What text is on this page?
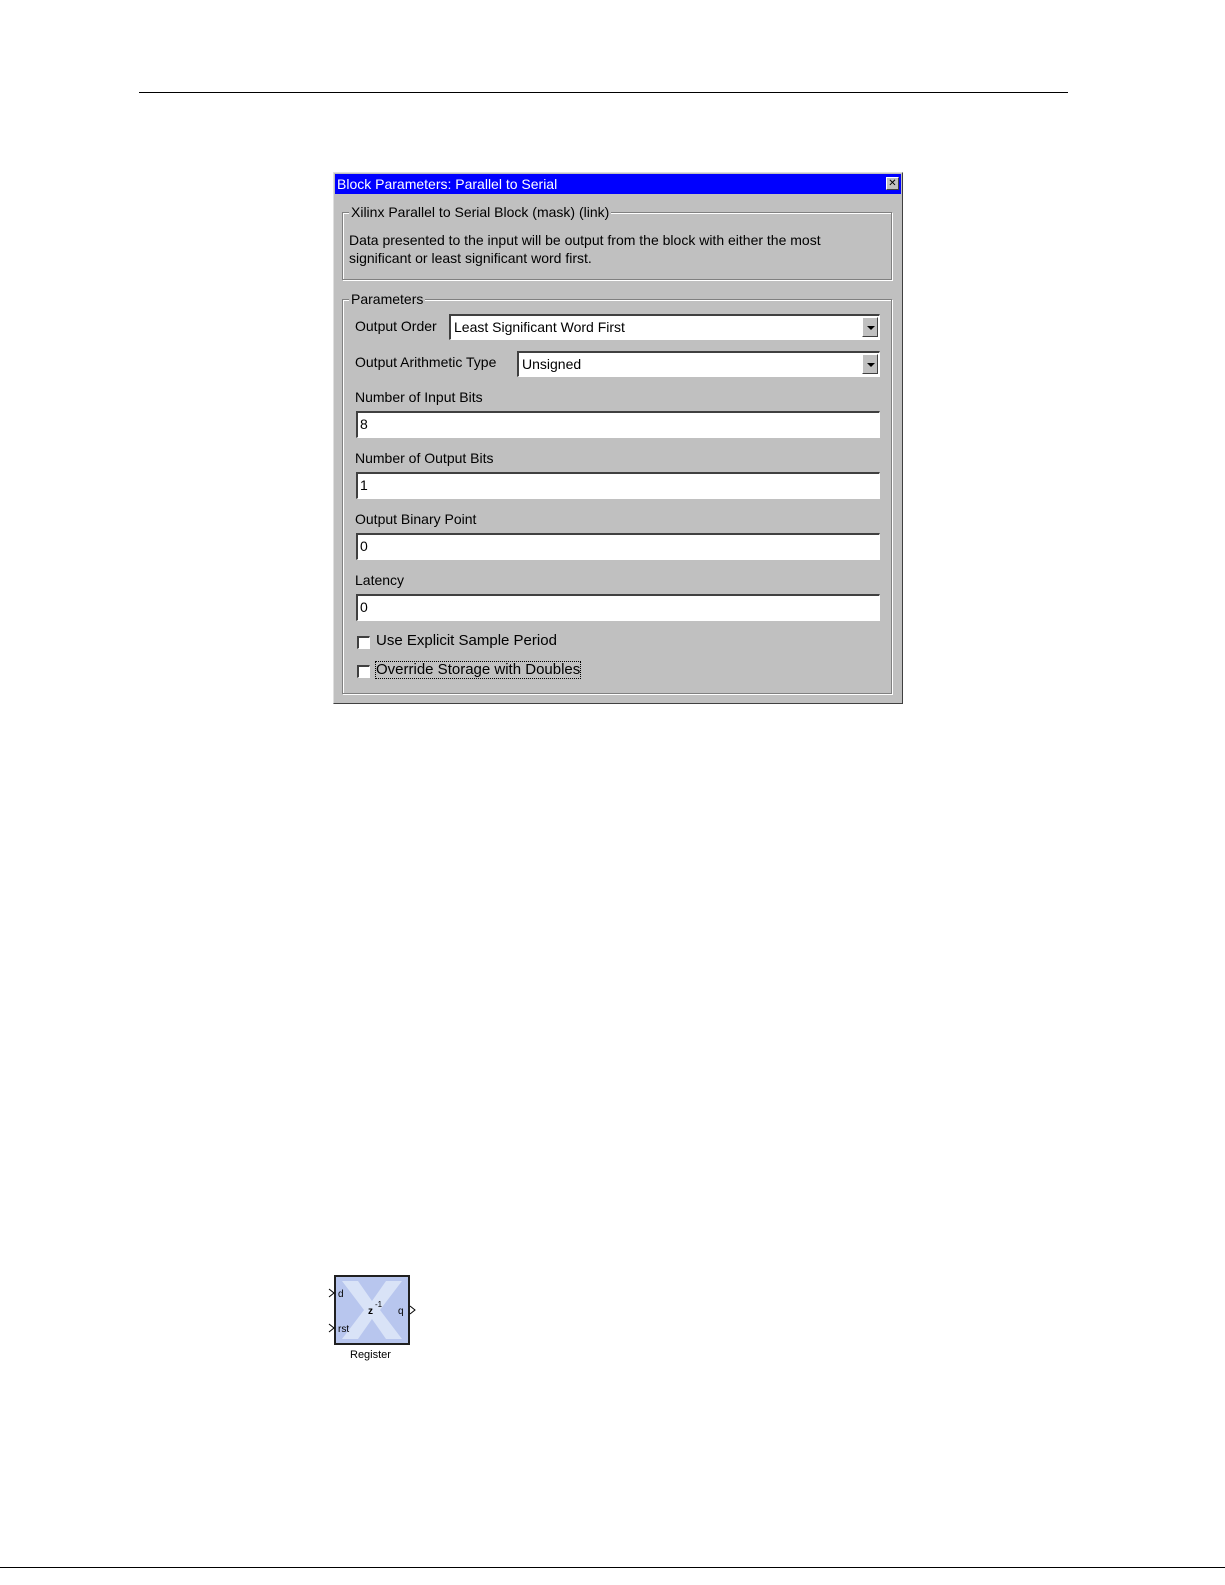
Block Parameters: Parallel to Serial	✕
Xilinx Parallel to Serial Block (mask) (link)
Data presented to the input will be output from the block with either the most significant or least significant word first.
Parameters
Output Order	Least Significant Word First
Output Arithmetic Type	Unsigned
Number of Input Bits
8
Number of Output Bits
1
Output Binary Point
0
Latency
0
Use Explicit Sample Period
Override Storage with Doubles
d
rst
q
z
-1
Register
